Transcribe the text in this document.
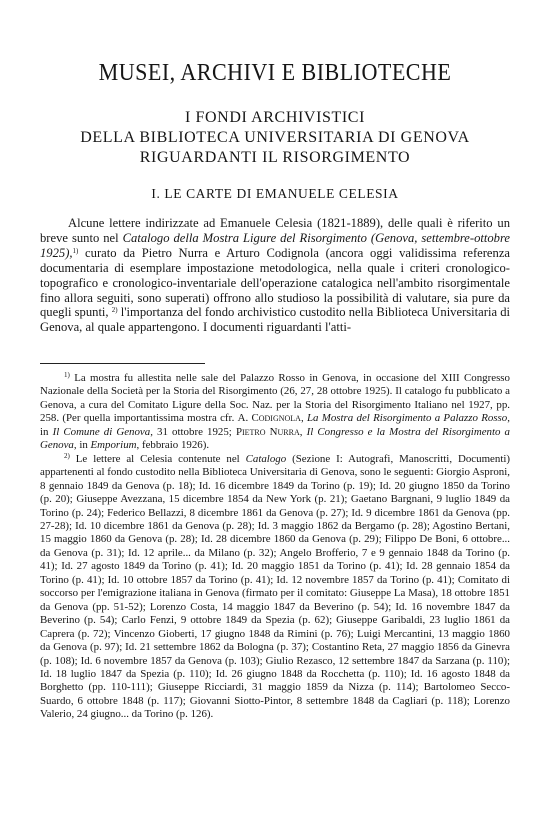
MUSEI, ARCHIVI E BIBLIOTECHE
I FONDI ARCHIVISTICI
DELLA BIBLIOTECA UNIVERSITARIA DI GENOVA
RIGUARDANTI IL RISORGIMENTO
I. LE CARTE DI EMANUELE CELESIA
Alcune lettere indirizzate ad Emanuele Celesia (1821-1889), delle quali è riferito un breve sunto nel Catalogo della Mostra Ligure del Risorgimento (Genova, settembre-ottobre 1925),$^{1)}$ curato da Pietro Nurra e Arturo Codignola (ancora oggi validissima referenza documentaria di esemplare impostazione metodologica, nella quale i criteri cronologico-topografico e cronologico-inventariale dell'operazione catalogica nell'ambito risorgimentale fino allora seguiti, sono superati) offrono allo studioso la possibilità di valutare, sia pure da quegli spunti, $^{2)}$ l'importanza del fondo archivistico custodito nella Biblioteca Universitaria di Genova, al quale appartengono. I documenti riguardanti l'atti-

$^{1)}$ La mostra fu allestita nelle sale del Palazzo Rosso in Genova, in occasione del XIII Congresso Nazionale della Società per la Storia del Risorgimento (26, 27, 28 ottobre 1925). Il catalogo fu pubblicato a Genova, a cura del Comitato Ligure della Soc. Naz. per la Storia del Risorgimento Italiano nel 1927, pp. 258. (Per quella importantissima mostra cfr. A. Codignola, La Mostra del Risorgimento a Palazzo Rosso, in Il Comune di Genova, 31 ottobre 1925; Pietro Nurra, Il Congresso e la Mostra del Risorgimento a Genova, in Emporium, febbraio 1926).

$^{2)}$ Le lettere al Celesia contenute nel Catalogo (Sezione I: Autografi, Manoscritti, Documenti) appartenenti al fondo custodito nella Biblioteca Universitaria di Genova, sono le seguenti: Giorgio Asproni, 8 gennaio 1849 da Genova (p. 18); Id. 16 dicembre 1849 da Torino (p. 19); Id. 20 giugno 1850 da Torino (p. 20); Giuseppe Avezzana, 15 dicembre 1854 da New York (p. 21); Gaetano Bargnani, 9 luglio 1849 da Torino (p. 24); Federico Bellazzi, 8 dicembre 1861 da Genova (p. 27); Id. 9 dicembre 1861 da Genova (pp. 27-28); Id. 10 dicembre 1861 da Genova (p. 28); Id. 3 maggio 1862 da Bergamo (p. 28); Agostino Bertani, 15 maggio 1860 da Genova (p. 28); Id. 28 dicembre 1860 da Genova (p. 29); Filippo De Boni, 6 ottobre... da Genova (p. 31); Id. 12 aprile... da Milano (p. 32); Angelo Brofferio, 7 e 9 gennaio 1848 da Torino (p. 41); Id. 27 agosto 1849 da Torino (p. 41); Id. 20 maggio 1851 da Torino (p. 41); Id. 28 gennaio 1854 da Torino (p. 41); Id. 10 ottobre 1857 da Torino (p. 41); Id. 12 novembre 1857 da Torino (p. 41); Comitato di soccorso per l'emigrazione italiana in Genova (firmato per il comitato: Giuseppe La Masa), 18 ottobre 1851 da Genova (pp. 51-52); Lorenzo Costa, 14 maggio 1847 da Beverino (p. 54); Id. 16 novembre 1847 da Beverino (p. 54); Carlo Fenzi, 9 ottobre 1849 da Spezia (p. 62); Giuseppe Garibaldi, 23 luglio 1861 da Caprera (p. 72); Vincenzo Gioberti, 17 giugno 1848 da Rimini (p. 76); Luigi Mercantini, 13 maggio 1860 da Genova (p. 97); Id. 21 settembre 1862 da Bologna (p. 37); Costantino Reta, 27 maggio 1856 da Ginevra (p. 108); Id. 6 novembre 1857 da Genova (p. 103); Giulio Rezasco, 12 settembre 1847 da Sarzana (p. 110); Id. 18 luglio 1847 da Spezia (p. 110); Id. 26 giugno 1848 da Rocchetta (p. 110); Id. 16 agosto 1848 da Borghetto (pp. 110-111); Giuseppe Ricciardi, 31 maggio 1859 da Nizza (p. 114); Bartolomeo Secco-Suardo, 6 ottobre 1848 (p. 117); Giovanni Siotto-Pintor, 8 settembre 1848 da Cagliari (p. 118); Lorenzo Valerio, 24 giugno... da Torino (p. 126).
